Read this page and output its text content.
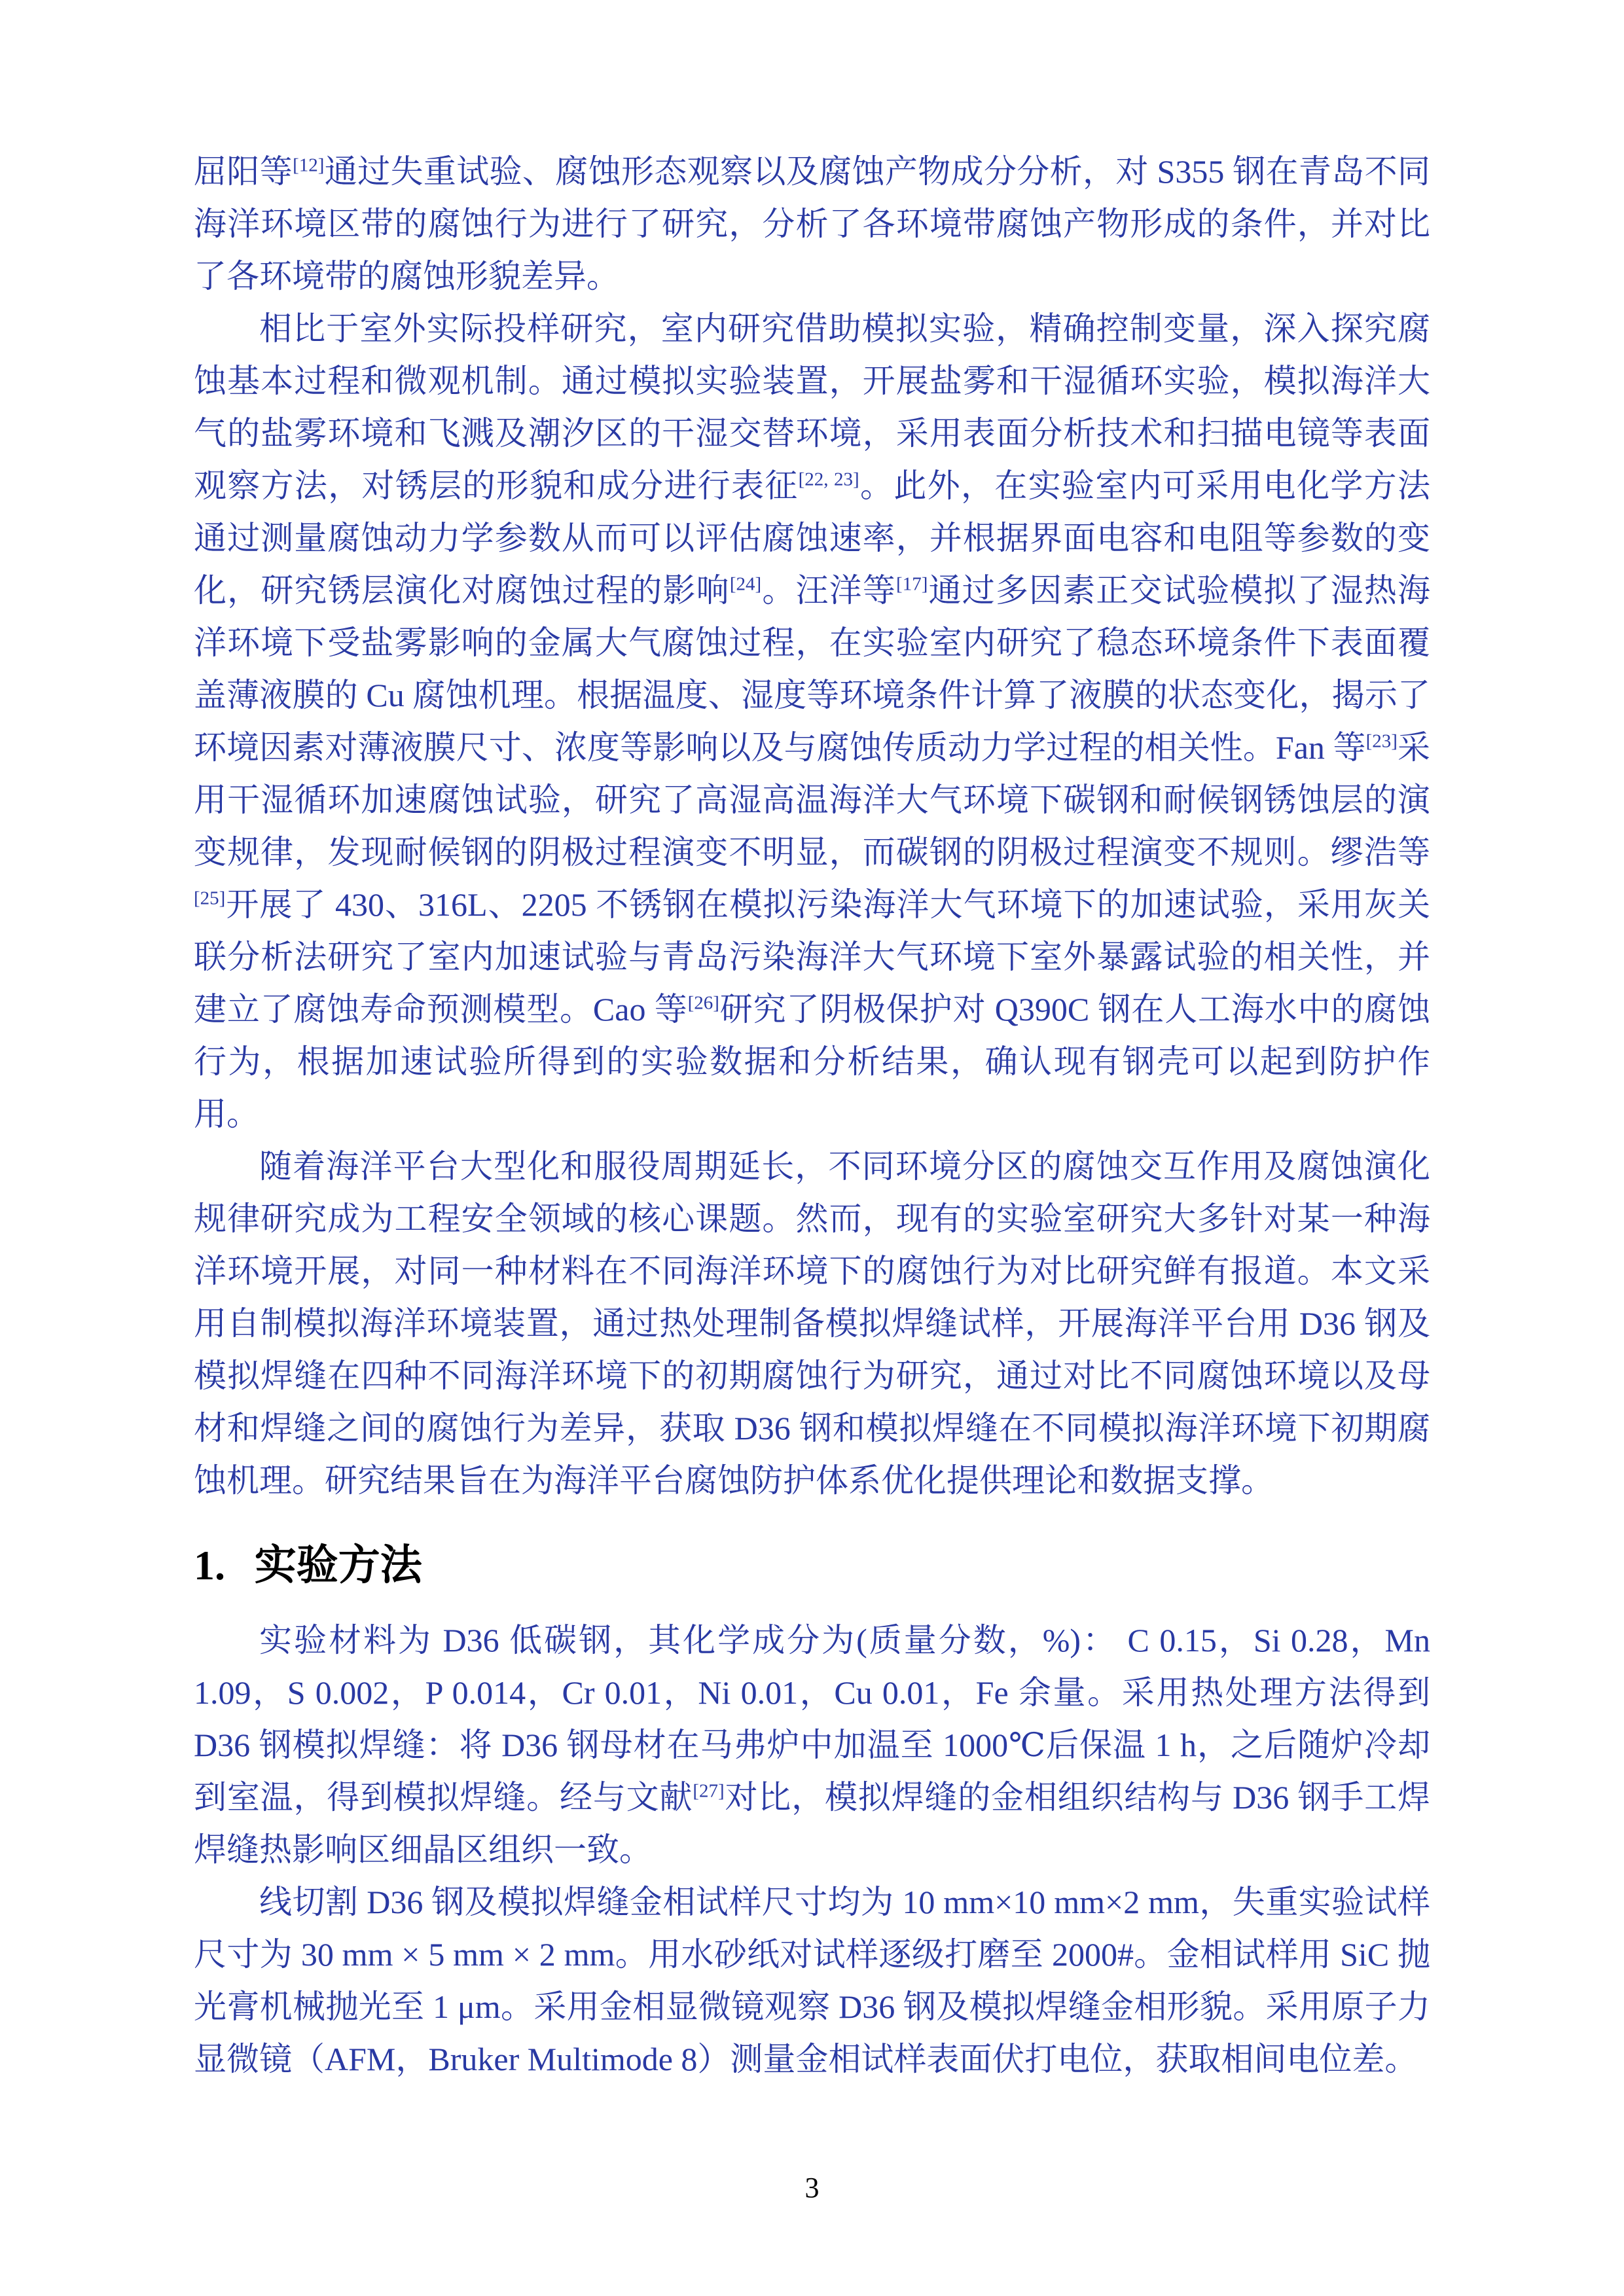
屈阳等[12]通过失重试验、腐蚀形态观察以及腐蚀产物成分分析，对 S355 钢在青岛不同海洋环境区带的腐蚀行为进行了研究，分析了各环境带腐蚀产物形成的条件，并对比了各环境带的腐蚀形貌差异。

相比于室外实际投样研究，室内研究借助模拟实验，精确控制变量，深入探究腐蚀基本过程和微观机制。通过模拟实验装置，开展盐雾和干湿循环实验，模拟海洋大气的盐雾环境和飞溅及潮汐区的干湿交替环境，采用表面分析技术和扫描电镜等表面观察方法，对锈层的形貌和成分进行表征[22, 23]。此外，在实验室内可采用电化学方法通过测量腐蚀动力学参数从而可以评估腐蚀速率，并根据界面电容和电阻等参数的变化，研究锈层演化对腐蚀过程的影响[24]。汪洋等[17]通过多因素正交试验模拟了湿热海洋环境下受盐雾影响的金属大气腐蚀过程，在实验室内研究了稳态环境条件下表面覆盖薄液膜的 Cu 腐蚀机理。根据温度、湿度等环境条件计算了液膜的状态变化，揭示了环境因素对薄液膜尺寸、浓度等影响以及与腐蚀传质动力学过程的相关性。Fan 等[23]采用干湿循环加速腐蚀试验，研究了高湿高温海洋大气环境下碳钢和耐候钢锈蚀层的演变规律，发现耐候钢的阴极过程演变不明显，而碳钢的阴极过程演变不规则。缪浩等[25]开展了 430、316L、2205 不锈钢在模拟污染海洋大气环境下的加速试验，采用灰关联分析法研究了室内加速试验与青岛污染海洋大气环境下室外暴露试验的相关性，并建立了腐蚀寿命预测模型。Cao 等[26]研究了阴极保护对 Q390C 钢在人工海水中的腐蚀行为，根据加速试验所得到的实验数据和分析结果，确认现有钢壳可以起到防护作用。

随着海洋平台大型化和服役周期延长，不同环境分区的腐蚀交互作用及腐蚀演化规律研究成为工程安全领域的核心课题。然而，现有的实验室研究大多针对某一种海洋环境开展，对同一种材料在不同海洋环境下的腐蚀行为对比研究鲜有报道。本文采用自制模拟海洋环境装置，通过热处理制备模拟焊缝试样，开展海洋平台用 D36 钢及模拟焊缝在四种不同海洋环境下的初期腐蚀行为研究，通过对比不同腐蚀环境以及母材和焊缝之间的腐蚀行为差异，获取 D36 钢和模拟焊缝在不同模拟海洋环境下初期腐蚀机理。研究结果旨在为海洋平台腐蚀防护体系优化提供理论和数据支撑。

1. 实验方法

实验材料为 D36 低碳钢，其化学成分为(质量分数，%)： C 0.15，Si 0.28，Mn 1.09，S 0.002，P 0.014，Cr 0.01，Ni 0.01，Cu 0.01，Fe 余量。采用热处理方法得到 D36 钢模拟焊缝：将 D36 钢母材在马弗炉中加温至 1000℃后保温 1 h，之后随炉冷却到室温，得到模拟焊缝。经与文献[27]对比，模拟焊缝的金相组织结构与 D36 钢手工焊焊缝热影响区细晶区组织一致。

线切割 D36 钢及模拟焊缝金相试样尺寸均为 10 mm×10 mm×2 mm，失重实验试样尺寸为 30 mm × 5 mm × 2 mm。用水砂纸对试样逐级打磨至 2000#。金相试样用 SiC 抛光膏机械抛光至 1 μm。采用金相显微镜观察 D36 钢及模拟焊缝金相形貌。采用原子力显微镜（AFM，Bruker Multimode 8）测量金相试样表面伏打电位，获取相间电位差。

3
